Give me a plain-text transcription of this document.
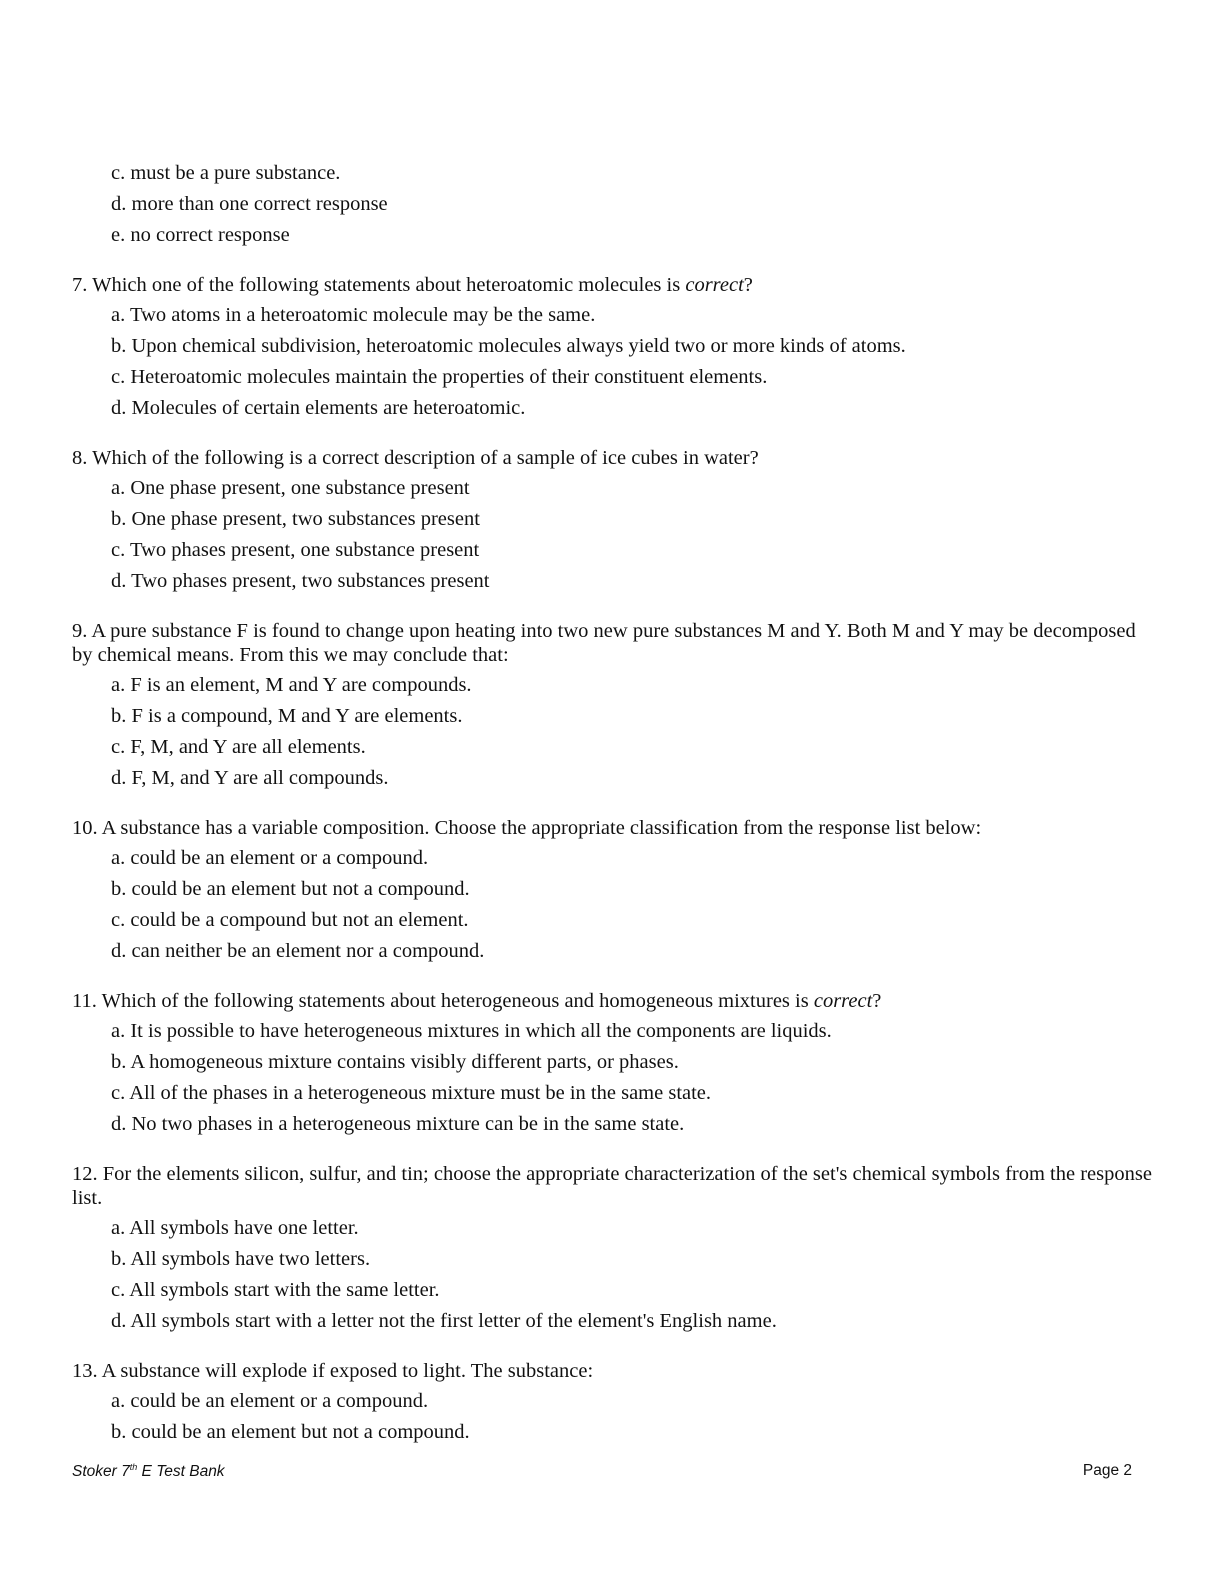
c. must be a pure substance.
d. more than one correct response
e. no correct response
7. Which one of the following statements about heteroatomic molecules is correct?
a. Two atoms in a heteroatomic molecule may be the same.
b. Upon chemical subdivision, heteroatomic molecules always yield two or more kinds of atoms.
c. Heteroatomic molecules maintain the properties of their constituent elements.
d. Molecules of certain elements are heteroatomic.
8. Which of the following is a correct description of a sample of ice cubes in water?
a. One phase present, one substance present
b. One phase present, two substances present
c. Two phases present, one substance present
d. Two phases present, two substances present
9. A pure substance F is found to change upon heating into two new pure substances M and Y. Both M and Y may be decomposed by chemical means. From this we may conclude that:
a. F is an element, M and Y are compounds.
b. F is a compound, M and Y are elements.
c. F, M, and Y are all elements.
d. F, M, and Y are all compounds.
10. A substance has a variable composition. Choose the appropriate classification from the response list below:
a. could be an element or a compound.
b. could be an element but not a compound.
c. could be a compound but not an element.
d. can neither be an element nor a compound.
11. Which of the following statements about heterogeneous and homogeneous mixtures is correct?
a. It is possible to have heterogeneous mixtures in which all the components are liquids.
b. A homogeneous mixture contains visibly different parts, or phases.
c. All of the phases in a heterogeneous mixture must be in the same state.
d. No two phases in a heterogeneous mixture can be in the same state.
12. For the elements silicon, sulfur, and tin; choose the appropriate characterization of the set's chemical symbols from the response list.
a. All symbols have one letter.
b. All symbols have two letters.
c. All symbols start with the same letter.
d. All symbols start with a letter not the first letter of the element's English name.
13. A substance will explode if exposed to light. The substance:
a. could be an element or a compound.
b. could be an element but not a compound.
Stoker 7th E Test Bank	Page 2
